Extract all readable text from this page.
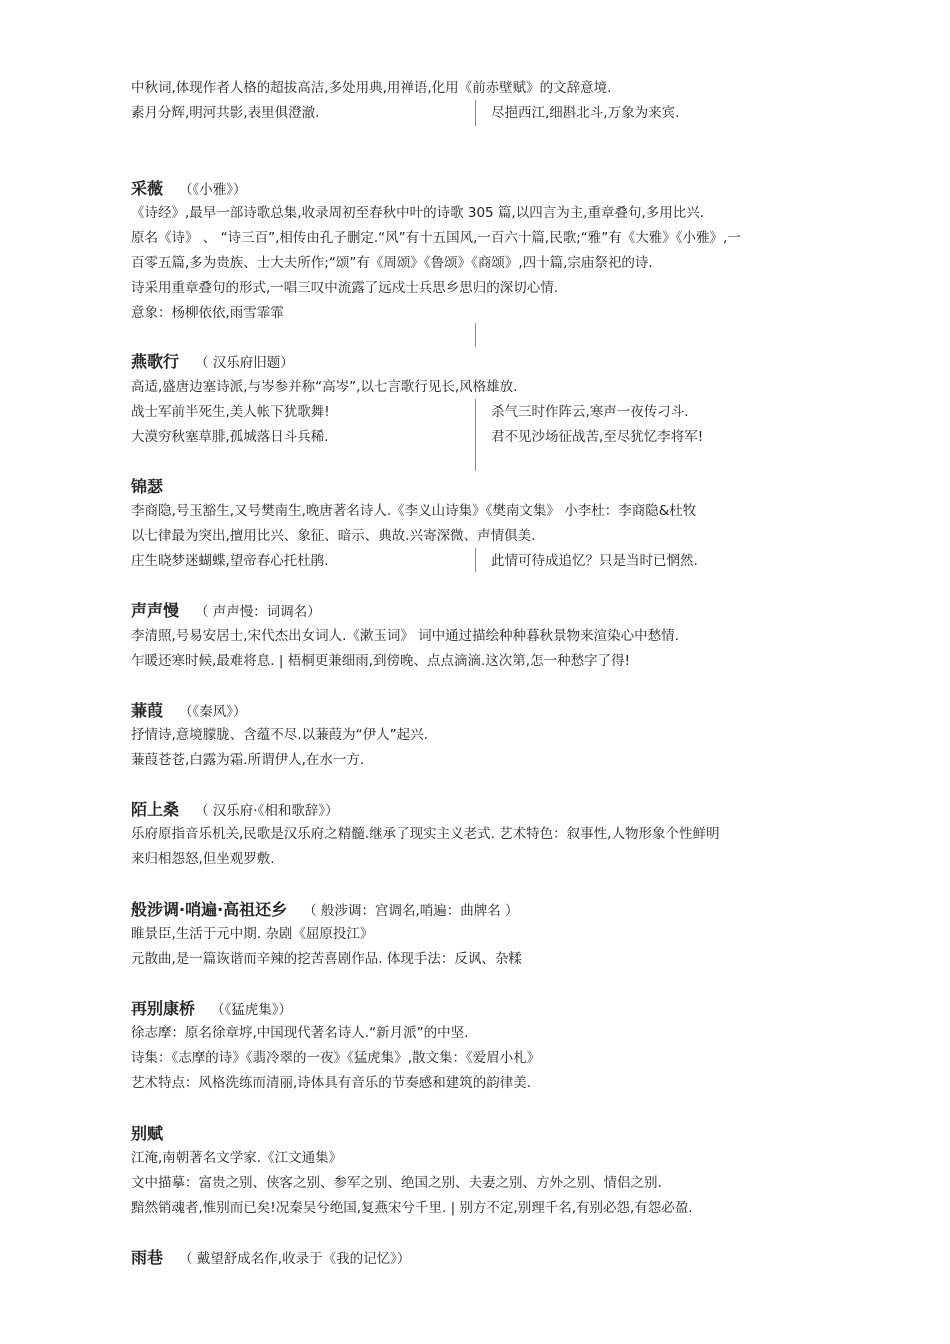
中秋词,体现作者人格的超拔高洁,多处用典,用禅语,化用《前赤壁赋》的文辞意境.
素月分辉,明河共影,表里俱澄澈.	尽挹西江,细斟北斗,万象为来宾.
采薇 （《小雅》）
《诗经》,最早一部诗歌总集,收录周初至春秋中叶的诗歌 305 篇,以四言为主,重章叠句,多用比兴.
原名《诗》 、 “诗三百”,相传由孔子删定.“风”有十五国风,一百六十篇,民歌;“雅”有《大雅》《小雅》,一
百零五篇,多为贵族、士大夫所作;“颂”有《周颂》《鲁颂》《商颂》,四十篇,宗庙祭祀的诗.
诗采用重章叠句的形式,一唱三叹中流露了远戍士兵思乡思归的深切心情.
意象：杨柳依依,雨雪霏霏
燕歌行 （ 汉乐府旧题）
高适,盛唐边塞诗派,与岑参并称“高岑”,以七言歌行见长,风格雄放.
战士军前半死生,美人帐下犹歌舞!	杀气三时作阵云,寒声一夜传刁斗.
大漠穷秋塞草腓,孤城落日斗兵稀.	君不见沙场征战苦,至尽犹忆李将军!
锦瑟
李商隐,号玉豁生,又号樊南生,晚唐著名诗人.《李义山诗集》《樊南文集》 小李杜：李商隐&杜牧
以七律最为突出,擅用比兴、象征、暗示、典故.兴寄深微、声情俱美.
庄生晓梦迷蝴蝶,望帝春心托杜鹃.	此情可待成追忆？只是当时已惘然.
声声慢 （ 声声慢：词调名）
李清照,号易安居士,宋代杰出女词人.《漱玉词》 词中通过描绘种种暮秋景物来渲染心中愁情.
乍暖还寒时候,最难将息. | 梧桐更兼细雨,到傍晚、点点滴滴.这次第,怎一种愁字了得!
蒹葭 （《秦风》）
抒情诗,意境朦胧、含蕴不尽.以蒹葭为“伊人”起兴.
蒹葭苍苍,白露为霜.所谓伊人,在水一方.
陌上桑 （ 汉乐府·《相和歌辞》）
乐府原指音乐机关,民歌是汉乐府之精髓.继承了现实主义老式. 艺术特色：叙事性,人物形象个性鲜明
来归相怨怒,但坐观罗敷.
般涉调·哨遍·高祖还乡 （ 般涉调：宫调名,哨遍：曲牌名 ）
睢景臣,生活于元中期. 杂剧《屈原投江》
元散曲,是一篇诙谐而辛辣的挖苦喜剧作品. 体现手法：反讽、杂糅
再别康桥 （《猛虎集》）
徐志摩：原名徐章垿,中国现代著名诗人.“新月派”的中坚.
诗集：《志摩的诗》《翡冷翠的一夜》《猛虎集》,散文集：《爱眉小札》
艺术特点：风格洗练而清丽,诗体具有音乐的节奏感和建筑的韵律美.
别赋
江淹,南朝著名文学家.《江文通集》
文中描摹：富贵之别、侠客之别、参军之别、绝国之别、夫妻之别、方外之别、情侣之别.
黯然销魂者,惟别而已矣!况秦吴兮绝国,复燕宋兮千里. | 别方不定,别理千名,有别必怨,有怨必盈.
雨巷 （ 戴望舒成名作,收录于《我的记忆》）
